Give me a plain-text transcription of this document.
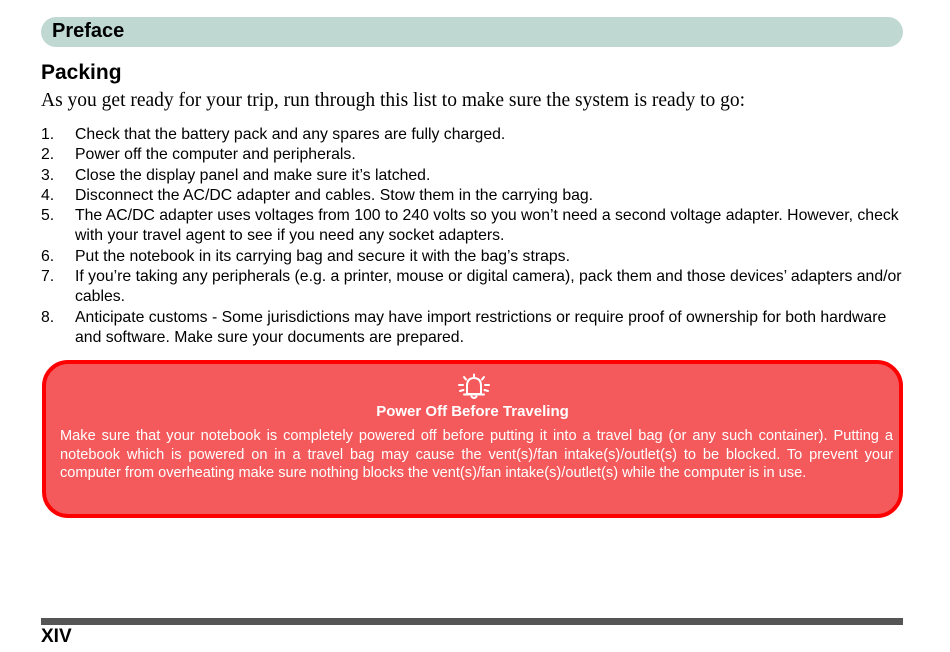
Preface
Packing

As you get ready for your trip, run through this list to make sure the system is ready to go:

1. Check that the battery pack and any spares are fully charged.
2. Power off the computer and peripherals.
3. Close the display panel and make sure it’s latched.
4. Disconnect the AC/DC adapter and cables. Stow them in the carrying bag.
5. The AC/DC adapter uses voltages from 100 to 240 volts so you won’t need a second voltage adapter. However, check with your travel agent to see if you need any socket adapters.
6. Put the notebook in its carrying bag and secure it with the bag’s straps.
7. If you’re taking any peripherals (e.g. a printer, mouse or digital camera), pack them and those devices’ adapters and/or cables.
8. Anticipate customs - Some jurisdictions may have import restrictions or require proof of ownership for both hardware and software. Make sure your documents are prepared.
Power Off Before Traveling

Make sure that your notebook is completely powered off before putting it into a travel bag (or any such container). Putting a notebook which is powered on in a travel bag may cause the vent(s)/fan intake(s)/outlet(s) to be blocked. To prevent your computer from overheating make sure nothing blocks the vent(s)/fan intake(s)/outlet(s) while the computer is in use.

XIV
